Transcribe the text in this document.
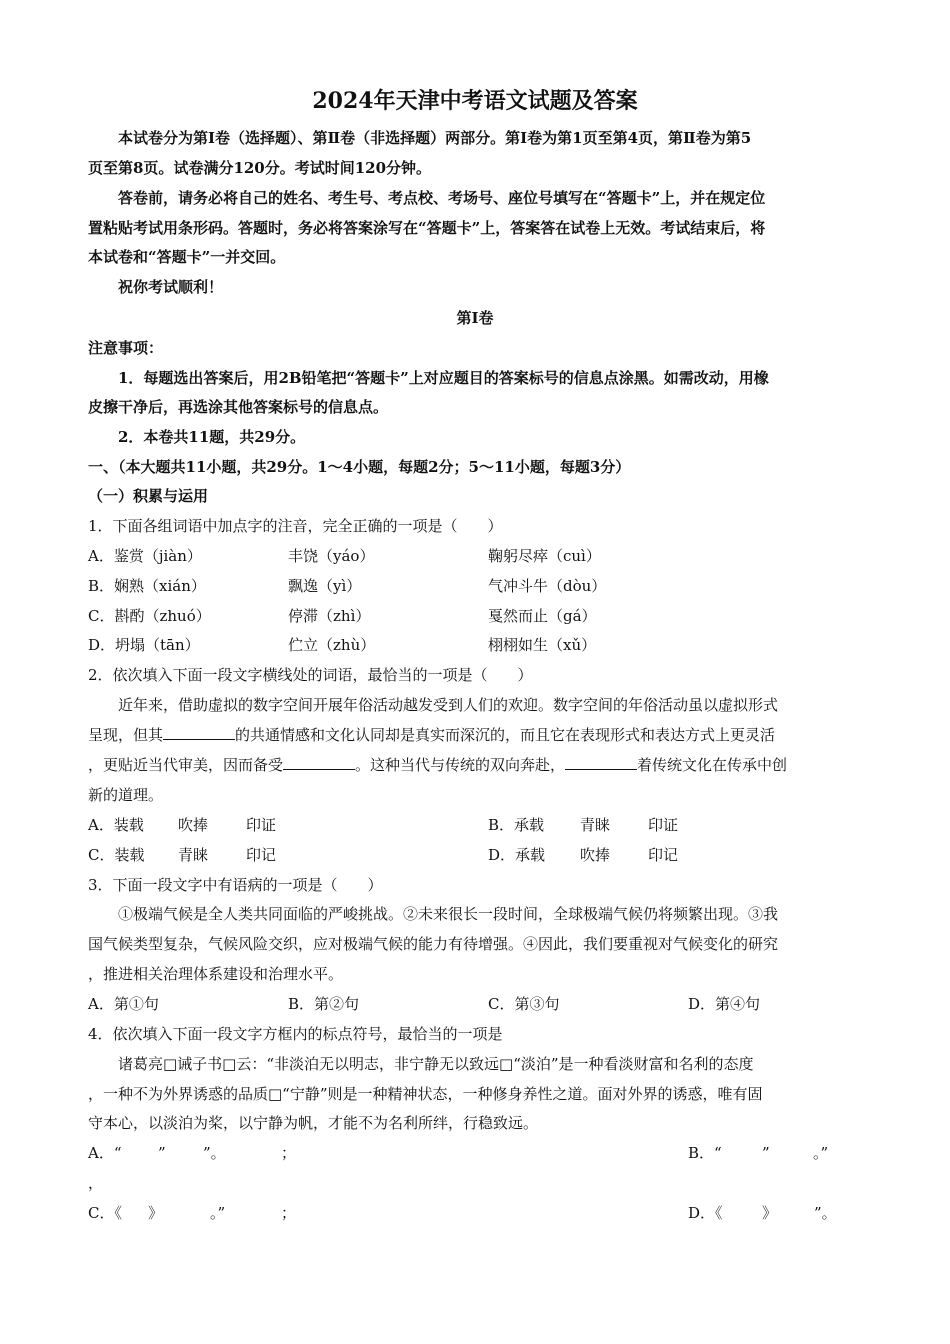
2024年天津中考语文试题及答案
本试卷分为第Ⅰ卷（选择题）、第Ⅱ卷（非选择题）两部分。第Ⅰ卷为第1页至第4页，第Ⅱ卷为第5
页至第8页。试卷满分120分。考试时间120分钟。
答卷前，请务必将自己的姓名、考生号、考点校、考场号、座位号填写在“答题卡”上，并在规定位
置粘贴考试用条形码。答题时，务必将答案涂写在“答题卡”上，答案答在试卷上无效。考试结束后，将
本试卷和“答题卡”一并交回。
祝你考试顺利！
第Ⅰ卷
注意事项：
1．每题选出答案后，用2B铅笔把“答题卡”上对应题目的答案标号的信息点涂黑。如需改动，用橡
皮擦干净后，再选涂其他答案标号的信息点。
2．本卷共11题，共29分。
一、（本大题共11小题，共29分。1～4小题，每题2分；5～11小题，每题3分）
（一）积累与运用
1．下面各组词语中加点字的注音，完全正确的一项是（　　）
A．鉴赏（jiàn）	丰饶（yáo）	鞠躬尽瘁（cuì）
B．娴熟（xián）	飘逸（yì）	气冲斗牛（dòu）
C．斟酌（zhuó）	停滞（zhì）	戛然而止（gá）
D．坍塌（tān）	伫立（zhù）	栩栩如生（xǔ）
2．依次填入下面一段文字横线处的词语，最恰当的一项是（　　）
近年来，借助虚拟的数字空间开展年俗活动越发受到人们的欢迎。数字空间的年俗活动虽以虚拟形式
呈现，但其	的共通情感和文化认同却是真实而深沉的，而且它在表现形式和表达方式上更灵活
，更贴近当代审美，因而备受	。这种当代与传统的双向奔赴，	着传统文化在传承中创
新的道理。
A．装载 吹捧	印证	B．承载 青睐	印证
C．装载 青睐	印记	D．承载 吹捧	印记
3．下面一段文字中有语病的一项是（　　）
①极端气候是全人类共同面临的严峻挑战。②未来很长一段时间，全球极端气候仍将频繁出现。③我
国气候类型复杂，气候风险交织，应对极端气候的能力有待增强。④因此，我们要重视对气候变化的研究
，推进相关治理体系建设和治理水平。
A．第①句	B．第②句	C．第③句	D．第④句
4．依次填入下面一段文字方框内的标点符号，最恰当的一项是
诸葛亮□诫子书□云：“非淡泊无以明志，非宁静无以致远□“淡泊”是一种看淡财富和名利的态度
，一种不为外界诱惑的品质□“宁静”则是一种精神状态，一种修身养性之道。面对外界的诱惑，唯有固
守本心，以淡泊为桨，以宁静为帆，才能不为名利所绊，行稳致远。
A．“ ” ”。	；	B．“	”	。”
，
C．《 》	。”	；	D．《	》 ”。
